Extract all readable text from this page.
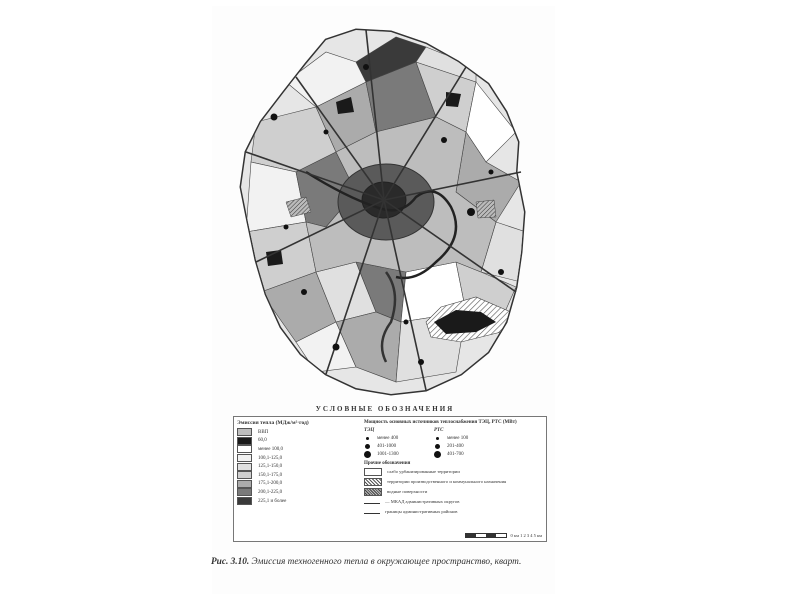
УСЛОВНЫЕ ОБОЗНАЧЕНИЯ
Эмиссия тепла (МДж/м²·год)
ВВП
60,0
менее 100,0
100,1-125,0
125,1-150,0
150,1-175,0
175,1-200,0
200,1-225,0
225,1 и более
Мощность основных источников теплоснабжения ТЭЦ, РТС (МВт)
ТЭЦ
менее 400
401-1000
1001-1300
РТС
менее 100
201-400
401-700
Прочие обозначения
слабо урбанизированные территории
территории производственного и коммунального назначения
водные поверхности
— МКАД административных округов
границы административных районов
0 км 1 2 3 4 5 км
Рис. 3.10. Эмиссия техногенного тепла в окружающее пространство, кварт.
